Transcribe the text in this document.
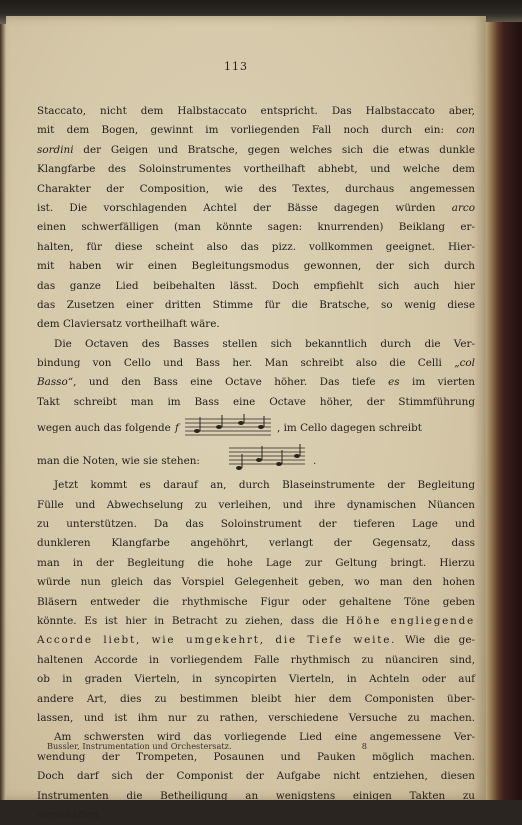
113
Staccato, nicht dem Halbstaccato entspricht. Das Halbstaccato aber,
mit dem Bogen, gewinnt im vorliegenden Fall noch durch ein: con
sordini der Geigen und Bratsche, gegen welches sich die etwas dunkle
Klangfarbe des Soloinstrumentes vortheilhaft abhebt, und welche dem
Charakter der Composition, wie des Textes, durchaus angemessen
ist. Die vorschlagenden Achtel der Bässe dagegen würden arco
einen schwerfälligen (man könnte sagen: knurrenden) Beiklang er-
halten, für diese scheint also das pizz. vollkommen geeignet. Hier-
mit haben wir einen Begleitungsmodus gewonnen, der sich durch
das ganze Lied beibehalten lässt. Doch empfiehlt sich auch hier
das Zusetzen einer dritten Stimme für die Bratsche, so wenig diese
dem Claviersatz vortheilhaft wäre.
Die Octaven des Basses stellen sich bekanntlich durch die Ver-
bindung von Cello und Bass her. Man schreibt also die Celli „col
Basso“, und den Bass eine Octave höher. Das tiefe es im vierten
Takt schreibt man im Bass eine Octave höher, der Stimmführung
wegen auch das folgende f	, im Cello dagegen schreibt
man die Noten, wie sie stehen:	.
Jetzt kommt es darauf an, durch Blaseinstrumente der Begleitung
Fülle und Abwechselung zu verleihen, und ihre dynamischen Nüancen
zu unterstützen. Da das Soloinstrument der tieferen Lage und
dunkleren Klangfarbe angehöhrt, verlangt der Gegensatz, dass
man in der Begleitung die hohe Lage zur Geltung bringt. Hierzu
würde nun gleich das Vorspiel Gelegenheit geben, wo man den hohen
Bläsern entweder die rhythmische Figur oder gehaltene Töne geben
könnte. Es ist hier in Betracht zu ziehen, dass die Höhe engliegende
Accorde liebt, wie umgekehrt, die Tiefe weite. Wie die ge-
haltenen Accorde in vorliegendem Falle rhythmisch zu nüanciren sind,
ob in graden Vierteln, in syncopirten Vierteln, in Achteln oder auf
andere Art, dies zu bestimmen bleibt hier dem Componisten über-
lassen, und ist ihm nur zu rathen, verschiedene Versuche zu machen.
Am schwersten wird das vorliegende Lied eine angemessene Ver-
wendung der Trompeten, Posaunen und Pauken möglich machen.
Doch darf sich der Componist der Aufgabe nicht entziehen, diesen
Instrumenten die Betheiligung an wenigstens einigen Takten zu
verschaffen.
Bussler, Instrumentation und Orchestersatz.	8
